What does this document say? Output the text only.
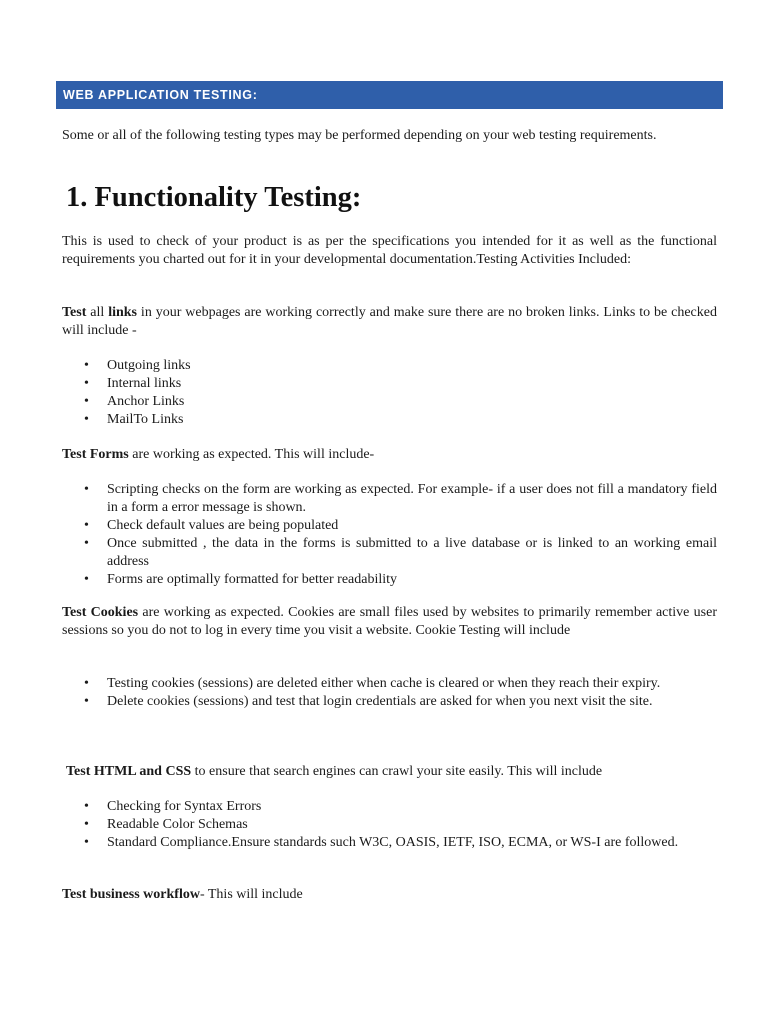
WEB APPLICATION TESTING:
Some or all of the following testing types may be performed depending on your web testing requirements.
1. Functionality Testing:
This is used to check of your product is as per the specifications you intended for it as well as the functional requirements you charted out for it in your developmental documentation.Testing Activities Included:
Test all links in your webpages are working correctly and make sure there are no broken links. Links to be checked will include -
• Outgoing links
• Internal links
• Anchor Links
• MailTo Links
Test Forms are working as expected. This will include-
• Scripting checks on the form are working as expected. For example- if a user does not fill a mandatory field in a form a error message is shown.
• Check default values are being populated
• Once submitted , the data in the forms is submitted to a live database or is linked to an working email address
• Forms are optimally formatted for better readability
Test Cookies are working as expected. Cookies are small files used by websites to primarily remember active user sessions so you do not to log in every time you visit a website. Cookie Testing will include
• Testing cookies (sessions) are deleted either when cache is cleared or when they reach their expiry.
• Delete cookies (sessions) and test that login credentials are asked for when you next visit the site.
Test HTML and CSS to ensure that search engines can crawl your site easily. This will include
• Checking for Syntax Errors
• Readable Color Schemas
• Standard Compliance.Ensure standards such W3C, OASIS, IETF, ISO, ECMA, or WS-I are followed.
Test business workflow- This will include
